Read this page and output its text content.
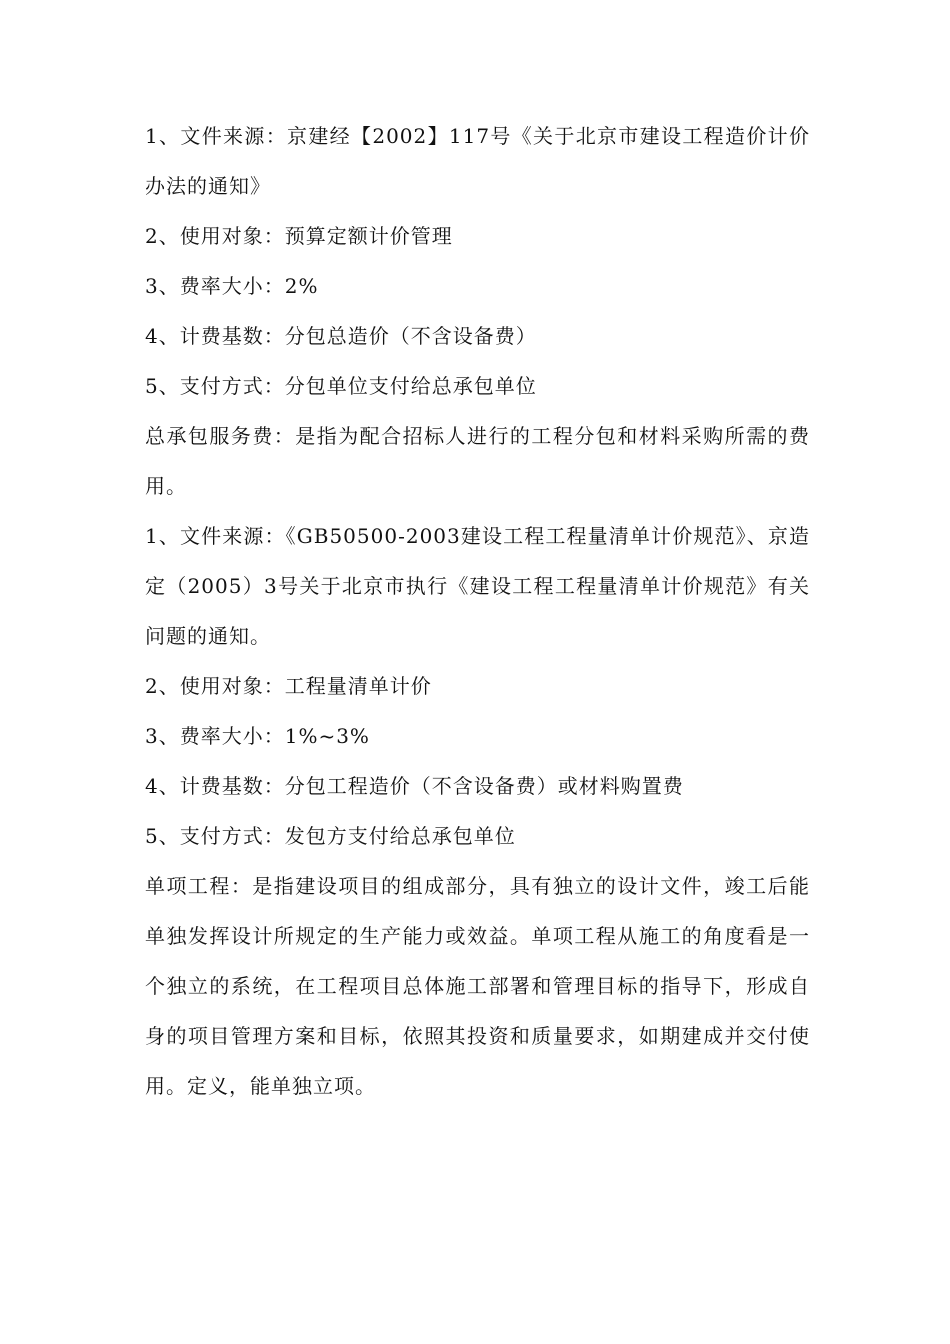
1、文件来源：京建经【2002】117号《关于北京市建设工程造价计价办法的通知》

2、使用对象：预算定额计价管理

3、费率大小：2%

4、计费基数：分包总造价（不含设备费）

5、支付方式：分包单位支付给总承包单位

总承包服务费：是指为配合招标人进行的工程分包和材料采购所需的费用。

1、文件来源：《GB50500-2003建设工程工程量清单计价规范》、京造定（2005）3号关于北京市执行《建设工程工程量清单计价规范》有关问题的通知。

2、使用对象：工程量清单计价

3、费率大小：1%~3%

4、计费基数：分包工程造价（不含设备费）或材料购置费

5、支付方式：发包方支付给总承包单位

单项工程：是指建设项目的组成部分，具有独立的设计文件，竣工后能单独发挥设计所规定的生产能力或效益。单项工程从施工的角度看是一个独立的系统，在工程项目总体施工部署和管理目标的指导下，形成自身的项目管理方案和目标，依照其投资和质量要求，如期建成并交付使用。定义，能单独立项。
